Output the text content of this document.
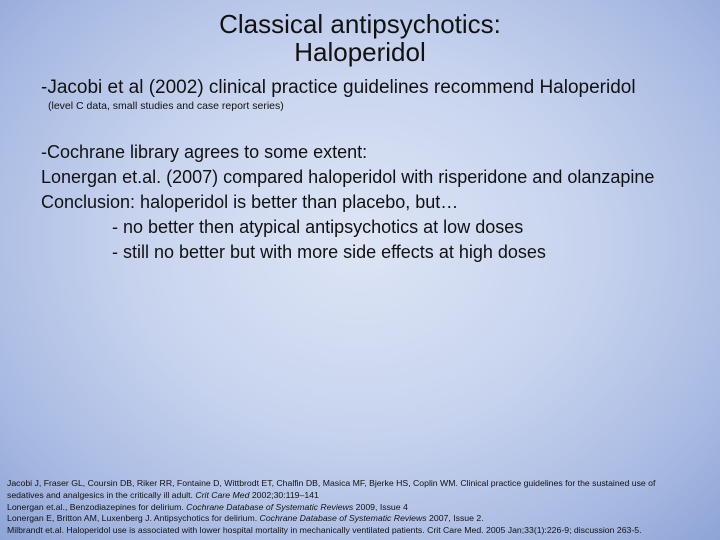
Classical antipsychotics:
Haloperidol
-Jacobi et al (2002) clinical practice guidelines recommend Haloperidol
(level C data, small studies and case report series)
-Cochrane library agrees to some extent:
Lonergan et.al. (2007) compared haloperidol with risperidone and olanzapine
Conclusion: haloperidol is better than placebo, but…
- no better then atypical antipsychotics at low doses
- still no better but with more side effects at high doses
Jacobi J, Fraser GL, Coursin DB, Riker RR, Fontaine D, Wittbrodt ET, Chalfin DB, Masica MF, Bjerke HS, Coplin WM. Clinical practice guidelines for the sustained use of
sedatives and analgesics in the critically ill adult. Crit Care Med 2002;30:119–141
Lonergan et.al., Benzodiazepines for delirium. Cochrane Database of Systematic Reviews 2009, Issue 4
Lonergan E, Britton AM, Luxenberg J. Antipsychotics for delirium. Cochrane Database of Systematic Reviews 2007, Issue 2.
Milbrandt et.al. Haloperidol use is associated with lower hospital mortality in mechanically ventilated patients. Crit Care Med. 2005 Jan;33(1):226-9; discussion 263-5.
